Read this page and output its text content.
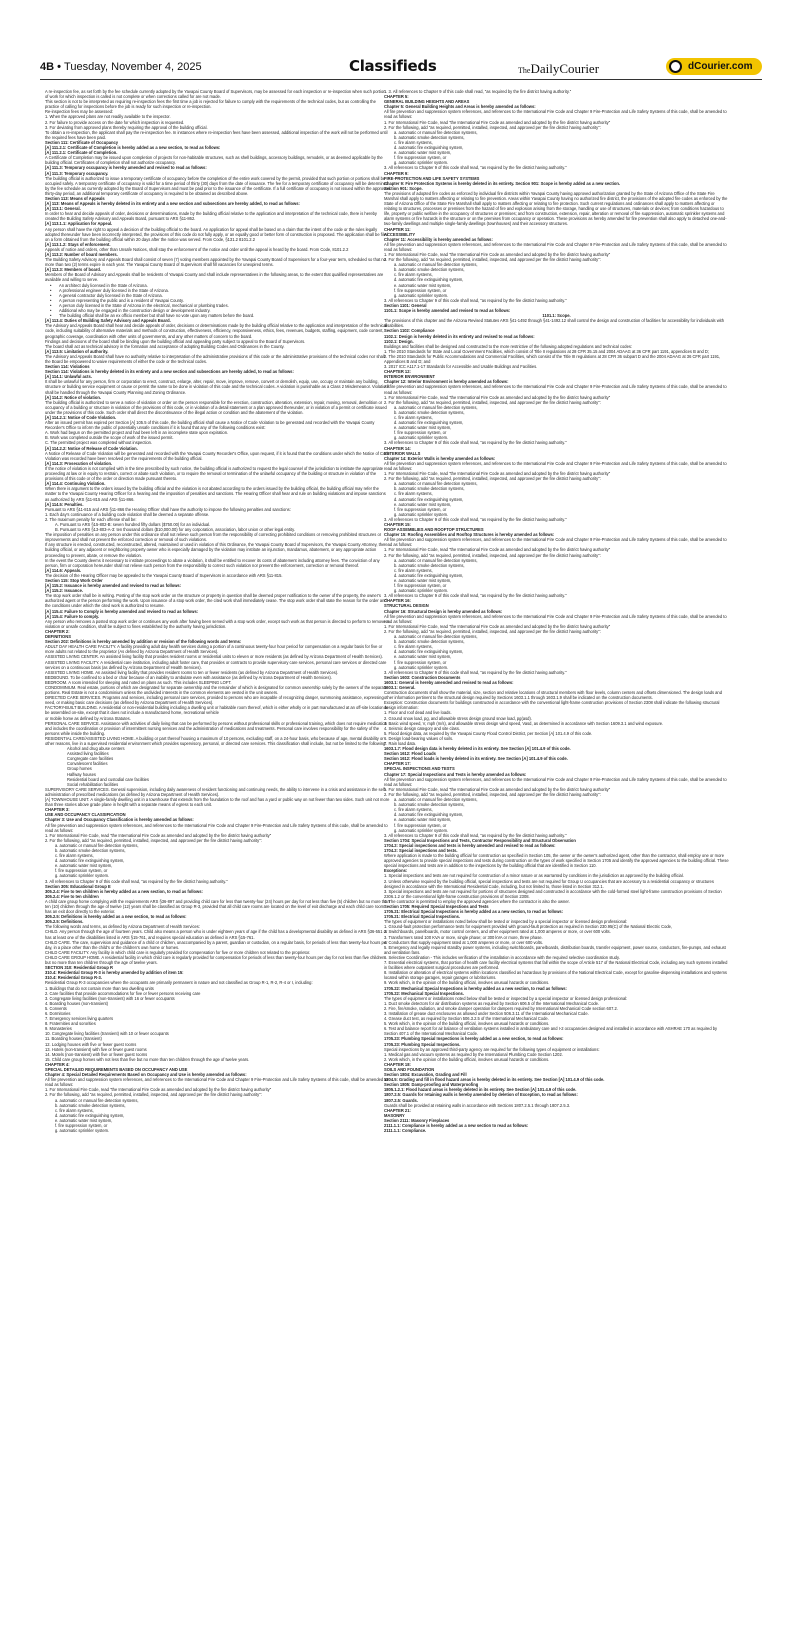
4B • Tuesday, November 4, 2025	Classifieds	TheDailyCourier	dCourier.com

A re-inspection fee, as set forth by the fee schedule currently adopted by the Yavapai County Board of Supervisors, may be assessed for each inspection or re-inspection when such portion of work for which inspection is called is not complete or when corrections called for are not made.

This section is not to be interpreted as requiring re-inspection fees the first time a job is rejected for failure to comply with the requirements of the technical codes, but as controlling the practice of calling for inspections before the job is ready for such inspection or re-inspection.

Re-inspection fees may be assessed:

1. When the approved plans are not readily available to the inspector.

2. For failure to provide access on the date for which inspection is requested.

3. For deviating from approved plans thereby requiring the approval of the building official.

To obtain a re-inspection, the applicant shall pay the re-inspection fee. In instances where re-inspection fees have been assessed, additional inspection of the work will not be performed until the required fees have been paid.

Section 111: Certificate of Occupancy

[A] 111.2.1: Certificate of Completion is hereby added as a new section, to read as follows:

[A] 111.2.1: Certificate of Completion.

A Certificate of Completion may be issued upon completion of projects for non-habitable structures, such as shell buildings, accessory buildings, remodels, or as deemed applicable by the building official. Certificates of completion shall not authorize occupancy.

[A] 111.3: Temporary occupancy is hereby amended and revised to read as follows:

[A] 111.3: Temporary occupancy.

The building official is authorized to issue a temporary certificate of occupancy before the completion of the entire work covered by the permit, provided that such portion or portions shall be occupied safely. A temporary certificate of occupancy is valid for a time period of thirty (30) days from the date of issuance. The fee for a temporary certificate of occupancy will be determined by the fee schedule as currently adopted by the Board of Supervisors and must be paid prior to the issuance of the certificate. If a full certificate of occupancy is not issued within the approved thirty-day period, an additional temporary certificate of occupancy is required to be obtained as described above.

Section 113: Means of Appeals

[A] 113: Means of Appeals is hereby deleted in its entirety and a new section and subsections are hereby added, to read as follows:

[A] 113.1: General.

In order to hear and decide appeals of order, decisions or determinations, made by the building official relative to the application and interpretation of the technical code, there is hereby created the Building Safety Advisory and Appeals Board, pursuant to ARS §11-862.

[A] 113.1.1: Application for Appeal.

Any person shall have the right to appeal a decision of the building official to the board. An application for appeal shall be based on a claim that the intent of the code or the rules legally adopted thereunder have been incorrectly interpreted, the provisions of this code do not fully apply, or an equally good or better form of construction is proposed. The application shall be filed on a form obtained from the building official within 20 days after the notice was served. From Code, §131.2 8101.2.2

[A] 113.1.2: Stays of enforcement.

Appeals of notice and orders, other than Unsafe Notices, shall stay the enforcement of the notice and order until the appeal is heard by the board. From Code, 8101.2.2

[A] 113.2: Number of board members.

The Building Safety Advisory and Appeals Board shall consist of seven (7) voting members appointed by the Yavapai County Board of Supervisors for a four-year term, scheduled so that no more than two (2) terms expire in each year. The Yavapai County Board of Supervisors shall fill vacancies for unexpired terms.

[A] 113.3: Members of board.

Members of the Board of Advisory and Appeals shall be residents of Yavapai County and shall include representatives in the following areas, to the extent that qualified representatives are available and willing to serve.

• An architect duly licensed in the State of Arizona.

• A professional engineer duly licensed in the State of Arizona.

• A general contractor duly licensed in the State of Arizona.

• A person representing the public and is a resident of Yavapai County.

• A person duly licensed in the State of Arizona in the electrical, mechanical or plumbing trades.

• Additional who may be engaged in the construction design or development industry.

• The building official shall be an ex officio member but shall have no vote upon any matters before the board.

[A] 113.4: Duties of Building Safety Advisory and Appeals Board.

The Advisory and Appeals Board shall hear and decide appeals of order, decisions or determinations made by the building official relative to the application and interpretation of the technical code, including suitability of alternative materials and methods of construction, effectiveness, efficiency, responsiveness, ethics, fees, revenues, budgets, staffing, equipment, code content, geographic coverage, coordination with other units of governments, and any other matters of concern to the board.

Findings and decisions of the board shall be binding upon the building official and appealing party subject to appeal to the Board of Supervisors.

The board shall act as technical advisory in the formation and acceptance of adopting Building Codes and Ordinances in the County.

[A] 113.5: Limitation of authority.

The Advisory and Appeals Board shall have no authority relative to interpretation of the administrative provisions of this code or the administrative provisions of the technical codes nor shall the Board be empowered to waive requirements of either the code or the technical codes.

Section 114: Violations

Section 114: Violations is hereby deleted in its entirety and a new section and subsections are hereby added, to read as follows:

[A] 114.1: Unlawful acts.

It shall be unlawful for any person, firm or corporation to erect, construct, enlarge, alter, repair, move, improve, remove, convert or demolish, equip, use, occupy or maintain any building, structure or building service equipment or cause or permit the same to be done in violation of this code and the technical codes. A violation is punishable as a Class 2 Misdemeanor. Violations shall be handled through the Yavapai County Planning and Zoning Ordinance.

[A] 114.2: Notice of violation.

The building official is authorized to serve a notice of violation or order on the person responsible for the erection, construction, alteration, extension, repair, moving, removal, demolition or occupancy of a building or structure in violation of the provisions of this code, or in violation of a detail statement or a plan approved thereunder, or in violation of a permit or certificate issued under the provisions of this code. Such order shall direct the discontinuance of the illegal action or condition and the abatement of the violation.

[A] 114.2.1: Notice of Code Violation.

After an issued permit has expired per Section [A] 105.5 of this code, the building official shall cause a Notice of Code Violation to be generated and recorded with the Yavapai County Recorder's Office to inform the public of potentially unsafe conditions if it is found that any of the following conditions exist:

A. Work had begun on the permitted project and had been left in an incomplete state upon expiration.

B. Work was completed outside the scope of work of the issued permit.

C. The permitted project was completed without inspection.

[A] 114.2.2: Notice of Release of Code Violation.

A Notice of Release of Code Violation will be generated and recorded with the Yavapai County Recorder's Office, upon request, if it is found that the conditions under which the Notice of Code Violation was recorded have been resolved per the requirements of the building official.

[A] 114.3: Prosecution of violation.

If the notice of violation is not complied with in the time prescribed by such notice, the building official is authorized to request the legal counsel of the jurisdiction to institute the appropriate proceeding at law or in equity to restrain, correct or abate such violation, or to require the removal or termination of the unlawful occupancy of the building or structure in violation of the provisions of this code or of the order or direction made pursuant thereto.

[A] 114.4: Continuing Violation.

When there is argument to the orders issued by the building official and the violation is not abated according to the orders issued by the building official, the building official may refer the matter to the Yavapai County Hearing Officer for a hearing and the imposition of penalties and sanctions. The Hearing Officer shall hear and rule on building violations and impose sanctions as authorized by ARS §11-815 and ARS §11-866.

[A] 114.5: Penalties.

Pursuant to ARS §11-815 and ARS §11-866 the Hearing Officer shall have the authority to impose the following penalties and sanctions:

1. Each day's continuance of a building code violation shall be deemed a separate offense.

2. The maximum penalty for each offense shall be:

A. Pursuant to ARS §15-802-B: seven hundred fifty dollars ($750.00) for an individual.

B. Pursuant to ARS §13-803-A-3: ten thousand dollars ($10,000.00) for any corporation, association, labor union or other legal entity.

The imposition of penalties on any person under this ordinance shall not relieve such person from the responsibility of correcting prohibited conditions or removing prohibited structures or improvements and shall not prevent the enforced correction or removal of such violations.

If any structure is erected, constructed, reconstructed, altered, maintained or used in violation of this Ordinance, the Yavapai County Board of Supervisors, the Yavapai County Attorney, the building official, or any adjacent or neighboring property owner who is especially damaged by the violation may institute an injunction, mandamus, abatement, or any appropriate action proceeding to prevent, abate, or remove the violation.

In the event the County deems it necessary to institute proceedings to abate a violation, it shall be entitled to recover its costs of abatement including attorney fees. The conviction of any person, firm or corporation hereunder shall not relieve such person from the responsibility to correct such violation nor prevent the enforcement, correction or removal thereof.

[A] 114.6: Appeals.

The decision of the Hearing Officer may be appealed to the Yavapai County Board of Supervisors in accordance with ARS §11-815.

Section 115: Stop Work Order

[A] 115.2: Issuance is hereby amended and revised to read as follows:

[A] 115.2: Issuance.

The stop work order shall be in writing. Posting of the stop work order on the structure or property in question shall be deemed proper notification to the owner of the property, the owner's authorized agent or the person performing the work. Upon issuance of a stop work order, the cited work shall immediately cease. The stop work order shall state the reason for the order and the conditions under which the cited work is authorized to resume.

[A] 115.4: Failure to Comply is hereby amended and revised to read as follows:

[A] 115.4: Failure to comply.

Any person who removes a posted stop work order or continues any work after having been served with a stop work order, except such work as that person is directed to perform to remove a violation or unsafe condition, shall be subject to fines established by the authority having jurisdiction.

CHAPTER 2:

DEFINITIONS

Section 202: Definitions is hereby amended by addition or revision of the following words and terms:

ADULT DAY HEALTH CARE FACILITY. A facility providing adult day health services during a portion of a continuous twenty-four hour period for compensation on a regular basis for five or more adults not related to the proprietor (As defined by Arizona Department of Health Services).

ASSISTED LIVING CENTER. An assisted living facility that provides resident rooms or residential units to eleven or more residents (as defined by Arizona Department of Health Services).

ASSISTED LIVING FACILITY. A residential care institution, including adult foster care, that provides or contracts to provide supervisory care services, personal care services or directed care services on a continuous basis (as defined by Arizona Department of Health Services).

ASSISTED LIVING HOME. An assisted living facility that provides resident rooms to ten or fewer residents (as defined by Arizona Department of Health Services).

BEDBOUND. To be confined to a bed or chair because of an inability to ambulate even with assistance (as defined by Arizona Department of Health Services).

BEDROOM. A room intended for sleeping and noted on plans as such. This includes SLEEPING LOFT.

CONDOMINIUM. Real estate, portions of which are designated for separate ownership and the remainder of which is designated for common ownership solely by the owners of the separate portions. Real Estate is not a condominium unless the undivided interests in the common elements are vested in the unit owners.

DIRECTED CARE SERVICES. Programs and services, including personal care services, provided to persons who are incapable of recognizing danger, summoning assistance, expressing need, or making basic care decisions (as defined by Arizona Department of Health Services).

FACTORY-BUILT BUILDING. A residential or non-residential building including a dwelling unit or habitable room thereof, which is either wholly or in part manufactured at an off-site location to be assembled on-site, except that it does not include a manufactured home, recreational vehicle

or mobile home as defined by Arizona Statutes.

PERSONAL CARE SERVICE. Assistance with activities of daily living that can be performed by persons without professional skills or professional training, which does not require medication and includes the coordination or provision of intermittent nursing services and the administration of medications and treatments. Personal care involves responsibility for the safety of the persons while inside the building.

RESIDENTIAL CARE/ASSISTED LIVING HOME. A building or part thereof housing a maximum of 10 persons, excluding staff, on a 24-hour basis, who because of age, mental disability or other reasons, live in a supervised residential environment which provides supervisory, personal, or directed care services. This classification shall include, but not be limited to the following:

Alcohol and drug abuse centers

Assisted living facilities

Congregate care facilities

Convalescent facilities

Group homes

Halfway houses

Residential board and custodial care facilities

Social rehabilitation facilities

SUPERVISORY CARE SERVICES. General supervision, including daily awareness of resident functioning and continuing needs, the ability to intervene in a crisis and assistance in the self-administration of prescribed medications (as defined by Arizona Department of Health Services).

[A] TOWNHOUSE UNIT. A single-family dwelling unit in a townhouse that extends from the foundation to the roof and has a yard or public way on not fewer than two sides. Such unit not more than three stories above grade plane in height with a separate means of egress to each unit.

CHAPTER 3:

USE AND OCCUPANCY CLASSIFICATION

Chapter 3: Use and Occupancy Classification is hereby amended as follows:

All fire prevention and suppression system references, and references to the International Fire Code and Chapter 9 Fire-Protection and Life Safety Systems of this code, shall be amended to read as follows:

1. For International Fire Code, read "the International Fire Code as amended and adopted by the fire district having authority"

2. For the following, add "as required, permitted, installed, inspected, and approved per the fire district having authority":

a. automatic or manual fire detection systems,

b. automatic smoke detection systems,

c. fire alarm systems,

d. automatic fire extinguishing system,

e. automatic water mist system,

f. fire suppression system, or

g. automatic sprinkler system.

3. All references to Chapter 9 of this code shall read, "as required by the fire district having authority."

Section 305: Educational Group E

305.2.4: Five to ten children is hereby added as a new section, to read as follows:

305.2.4: Five to ten children

A child care group home complying with the requirements ARS §36-897 and providing child care for less than twenty-four (24) hours per day for not less than five (5) children but no more than ten (10) children through the age of twelve (12) years shall be classified as Group R-3, provided that all child care rooms are located on the level of exit discharge and each child care room has an exit door directly to the exterior.

305.2.5: Definitions is hereby added as a new section, to read as follows:

305.2.5: Definitions.

The following words and terms, as defined by Arizona Department of Health Services:

CHILD. Any person through the age of fourteen years. Child also means a person who is under eighteen years of age if the child has a developmental disability as defined in ARS §36-551 or has at least one of the disabilities listed in ARS §15-761, and requires special education as defined in ARS §15-761.

CHILD CARE. The care, supervision and guidance of a child or children, unaccompanied by a parent, guardian or custodian, on a regular basis, for periods of less than twenty-four hours per day, in a place other than the child's or the children's own home or homes.

CHILD CARE FACILITY. Any facility in which child care is regularly provided for compensation for five or more children not related to the proprietor.

CHILD CARE GROUP HOME. A residential facility in which child care is regularly provided for compensation for periods of less than twenty-four hours per day for not less than five children but no more than ten children through the age of twelve years.

SECTION 310: Residential Group R

310.4: Residential Group R-3 is hereby amended by addition of item 15:

310.4: Residential Group R-3.

Residential Group R-3 occupancies where the occupants are primarily permanent in nature and not classified as Group R-1, R-2, R-4 or I, including:

1. Buildings that do not contain more than two dwelling units

2. Care facilities that provide accommodations for five or fewer persons receiving care

3. Congregate living facilities (non-transient) with 16 or fewer occupants

4. Boarding houses (non-transient)

5. Convents

6. Dormitories

7. Emergency services living quarters

8. Fraternities and sororities

9. Monasteries

10. Congregate living facilities (transient) with 10 or fewer occupants

11. Boarding houses (transient)

12. Lodging houses with five or fewer guest rooms

13. Hotels (non-transient) with five or fewer guest rooms

14. Motels (non-transient) with five or fewer guest rooms

15. Child care group homes with not less than five but no more than ten children through the age of twelve years.

CHAPTER 4:

SPECIAL DETAILED REQUIREMENTS BASED ON OCCUPANCY AND USE

Chapter 4: Special Detailed Requirements Based on Occupancy and Use is hereby amended as follows:

All fire prevention and suppression system references, and references to the International Fire Code and Chapter 9 Fire-Protection and Life Safety Systems of this code, shall be amended to read as follows:

1. For International Fire Code, read "the International Fire Code as amended and adopted by the fire district having authority"

2. For the following, add "as required, permitted, installed, inspected, and approved per the fire district having authority":

a. automatic or manual fire detection systems,

b. automatic smoke detection systems,

c. fire alarm systems,

d. automatic fire extinguishing system,

e. automatic water mist system,

f. fire suppression system, or

g. automatic sprinkler system.

1. 3. All references to Chapter 9 of this code shall read, "as required by the fire district having authority."

CHAPTER 5:

GENERAL BUILDING HEIGHTS AND AREAS

Chapter 5: General Building Heights and Areas is hereby amended as follows:

All fire prevention and suppression system references, and references to the International Fire Code and Chapter 9 Fire-Protection and Life Safety Systems of this code, shall be amended to read as follows:

1. For International Fire Code, read "the International Fire Code as amended and adopted by the fire district having authority"

2. For the following, add "as required, permitted, installed, inspected, and approved per the fire district having authority":

a. automatic or manual fire detection systems,

b. automatic smoke detection systems,

c. fire alarm systems,

d. automatic fire extinguishing system,

e. automatic water mist system,

f. fire suppression system, or

g. automatic sprinkler system.

3. All references to Chapter 9 of this code shall read, "as required by the fire district having authority."

CHAPTER 9:

FIRE-PROTECTION AND LIFE SAFETY SYSTEMS

Chapter 9: Fire Protection Systems is hereby deleted in its entirety. Section 901: Scope is hereby added as a new section.

Section 901: Scope.

The provisions of adopted fire codes as enforced by individual fire districts within Yavapai County having approved authorization granted by the State of Arizona Office of the State Fire Marshal shall apply to matters affecting or relating to fire prevention. Areas within Yavapai County having no authorized fire district, the provisions of the adopted fire codes as enforced by the State of Arizona Office of the State Fire Marshall shall apply to matters affecting or relating to fire protection. Such current regulations and ordinances shall apply to matters affecting or relating to structures, processes or premises from the hazard of fire and explosion arising from the storage, handling or use of structures, materials or devices; from conditions hazardous to life, property or public welfare in the occupancy of structures or premises; and from construction, extension, repair, alteration or removal of fire suppression, automatic sprinkler systems and alarm systems or fire hazards in the structure or on the premises from occupancy or operation. These provisions as hereby amended for fire prevention shall also apply to detached one-and-two-family dwellings and multiple single-family dwellings (townhouses) and their accessory structures.

CHAPTER 11:

ACCESSIBILITY

Chapter 11: Accessibility is hereby amended as follows:

All fire prevention and suppression system references, and references to the International Fire Code and Chapter 9 Fire-Protection and Life Safety Systems of this code, shall be amended to read as follows:

1. For International Fire Code, read "the International Fire Code as amended and adopted by the fire district having authority"

2. For the following, add "as required, permitted, installed, inspected, and approved per the fire district having authority":

a. automatic or manual fire detection systems,

b. automatic smoke detection systems,

c. fire alarm systems,

d. automatic fire extinguishing system,

e. automatic water mist system,

f. fire suppression system, or

g. automatic sprinkler system.

3. All references to Chapter 9 of this code shall read, "as required by the fire district having authority."

Section 1101: General

1101.1: Scope is hereby amended and revised to read as follows:

1101.1: Scope.

The provisions of this chapter and the Arizona Revised Statutes ARS §41-1492 through §41-1492.12 shall control the design and construction of facilities for accessibility for individuals with disabilities.

Section 1102: Compliance

1102.1: Design is hereby deleted in its entirety and revised to read as follows:

1102.1: Design.

Buildings and facilities shall be designed and constructed to the more restrictive of the following adopted regulations and technical codes:

1. The 2010 Standards for State and Local Government Facilities, which consist of Title II regulations at 28 CFR 35.15 and 2004 ADAAG at 36 CFR part 1191, appendices B and D;

2. The 2010 Standards for Public Accommodations and Commercial Facilities, which consist of the Title III regulations at 28 CFR 36 subpart D and the 2004 ADAAG at 36 CFR part 1191, Appendices B and D; and

3. 2017 ICC A117.1-17 Standards for Accessible and Usable Buildings and Facilities.

CHAPTER 12:

INTERIOR ENVIRONMENT

Chapter 12: Interior Environment is hereby amended as follows:

All fire prevention and suppression system references, and references to the International Fire Code and Chapter 9 Fire-Protection and Life Safety Systems of this code, shall be amended to read as follows:

1. For International Fire Code, read "the International Fire Code as amended and adopted by the fire district having authority"

2. For the following, add "as required, permitted, installed, inspected, and approved per the fire district having authority":

a. automatic or manual fire detection systems,

b. automatic smoke detection systems,

c. fire alarm systems,

d. automatic fire extinguishing system,

e. automatic water mist system,

f. fire suppression system, or

g. automatic sprinkler system.

3. All references to Chapter 9 of this code shall read, "as required by the fire district having authority."

CHAPTER 14:

EXTERIOR WALLS

Chapter 14: Exterior Walls is hereby amended as follows:

All fire prevention and suppression system references, and references to the International Fire Code and Chapter 9 Fire-Protection and Life Safety Systems of this code, shall be amended to read as follows:

1. For International Fire Code, read "the International Fire Code as amended and adopted by the fire district having authority"

2. For the following, add "as required, permitted, installed, inspected, and approved per the fire district having authority":

a. automatic or manual fire detection systems,

b. automatic smoke detection systems,

c. fire alarm systems,

d. automatic fire extinguishing system,

e. automatic water mist system,

f. fire suppression system, or

g. automatic sprinkler system.

3. All references to Chapter 9 of this code shall read, "as required by the fire district having authority."

CHAPTER 15:

ROOF ASSEMBLIES AND ROOFTOP STRUCTURES

Chapter 15: Roofing Assemblies and Rooftop Structures is hereby amended as follows:

All fire prevention and suppression system references, and references to the International Fire Code and Chapter 9 Fire-Protection and Life Safety Systems of this code, shall be amended to read as follows:

1. For International Fire Code, read "the International Fire Code as amended and adopted by the fire district having authority"

2. For the following, add "as required, permitted, installed, inspected, and approved per the fire district having authority":

a. automatic or manual fire detection systems,

b. automatic smoke detection systems,

c. fire alarm systems,

d. automatic fire extinguishing system,

e. automatic water mist system,

f. fire suppression system, or

g. automatic sprinkler system.

3. All references to Chapter 9 of this code shall read, "as required by the fire district having authority."

CHAPTER 16:

STRUCTURAL DESIGN

Chapter 16: Structural Design is hereby amended as follows:

All fire prevention and suppression system references, and references to the International Fire Code and Chapter 9 Fire-Protection and Life Safety Systems of this code, shall be amended to read as follows:

1. For International Fire Code, read "the International Fire Code as amended and adopted by the fire district having authority"

2. For the following, add "as required, permitted, installed, inspected, and approved per the fire district having authority":

a. automatic or manual fire detection systems,

b. automatic smoke detection systems,

c. fire alarm systems,

d. automatic fire extinguishing system,

e. automatic water mist system,

f. fire suppression system, or

g. automatic sprinkler system.

3. All references to Chapter 9 of this code shall read, "as required by the fire district having authority."

Section 1603: Construction Documents

1603.1: General is hereby amended and revised to read as follows:

1603.1: General.

Construction documents shall show the material, size, section and relative locations of structural members with floor levels, column centers and offsets dimensioned. The design loads and other information pertinent to the structural design required by Sections 1603.1.1 through 1603.1.9 shall be indicated on the construction documents.

Exception: Construction documents for buildings constructed in accordance with the conventional light-frame construction provisions of Section 2308 shall indicate the following structural design information:

1. Floor and roof dead and live loads.

2. Ground snow load, pg, and allowable stress design ground snow load, pg(asd).

3. Basic wind speed, V, mph (m/s), and allowable stress design wind speed, Vasd, as determined in accordance with Section 1609.3.1 and wind exposure.

4. Seismic design category and site class.

5. Flood design data, as required by the Yavapai County Flood Control District, per Section [A] 101.4.9 of this code.

6. Design load-bearing values of soils.

7. Rain load data.

1603.1.7: Flood design data is hereby deleted in its entirety. See Section [A] 101.4.9 of this code.

Section 1612: Flood Loads

Section 1612: Flood loads is hereby deleted in its entirety. See Section [A] 101.4.9 of this code.

CHAPTER 17:

SPECIAL INSPECTIONS AND TESTS

Chapter 17: Special Inspections and Tests is hereby amended as follows:

All fire prevention and suppression system references, and references to the International Fire Code and Chapter 9 Fire-Protection and Life Safety Systems of this code, shall be amended to read as follows:

1. For International Fire Code, read "the International Fire Code as amended and adopted by the fire district having authority"

2. For the following, add "as required, permitted, installed, inspected, and approved per the fire district having authority":

a. automatic or manual fire detection systems,

b. automatic smoke detection systems,

c. fire alarm systems,

d. automatic fire extinguishing system,

e. automatic water mist system,

f. fire suppression system, or

g. automatic sprinkler system.

3. All references to Chapter 9 of this code shall read, "as required by the fire district having authority."

Section 1704: Special Inspections and Tests, Contractor Responsibility and Structural Observation

1704.2: Special inspections and tests is hereby amended and revised to read as follows:

1704.2: Special inspections and tests.

Where application is made to the building official for construction as specified in Section 105, the owner or the owner's authorized agent, other than the contractor, shall employ one or more approved agencies to provide special inspections and tests during construction on the types of work specified in Section 1705 and identify the approved agencies to the building official. These special inspections and tests are in addition to the inspections by the building official that are identified in Section 110.

Exceptions:

1. Special inspections and tests are not required for construction of a minor nature or as warranted by conditions in the jurisdiction as approved by the building official.

2. Unless otherwise required by the building official, special inspections and tests are not required for Group U occupancies that are accessory to a residential occupancy or structures designed in accordance with the International Residential Code, including, but not limited to, those listed in Section 312.1.

3. Special inspections and tests are not required for portions of structures designed and constructed in accordance with the cold-formed steel light-frame construction provisions of Section 2306.1.2 or the conventional light-frame construction provisions of Section 2308.

4. The contractor is permitted to employ the approved agencies where the contractor is also the owner.

Section 1705: Required Special Inspections and Tests

1705.21: Electrical Special Inspections is hereby added as a new section, to read as follows:

1705.21: Electrical Special Inspections.

The types of equipment or installations noted below shall be tested or inspected by a special inspector or licensed design professional:

1. Ground-fault protection performance tests for equipment provided with ground-fault protection as required in Section 230.95(C) of the National Electric Code,

2. Switchboards, panelboards, motor control centers, and other equipment rated at 1,000 amperes or more, or over 600 volts.

3. Transformers rated 100 KVA or more, single phase; or 300 kVA or more, three phase.

4. Conductors that supply equipment rated at 1,000 amperes or more, or over 600 volts.

5. Emergency and legally required standby power systems, including switchboards, panelboards, distribution boards, transfer equipment, power source, conductors, fire-pumps, and exhaust and ventilation fans.

6. Selective Coordination - This includes verification of the installation in accordance with the required selective coordination study.

7. Essential electrical systems, that portion of health care facility electrical systems that fall within the scope of Article 517 of the National Electrical Code, including any such systems installed in facilities where outpatient surgical procedures are performed.

8. Installation or alteration of electrical systems within locations classified as hazardous by provisions of the National Electrical Code, except for gasoline-dispensing installations and systems located within storage garages, repair garages or lubritoriums.

9. Work which, in the opinion of the building official, involves unusual hazards or conditions.

1705.22: Mechanical Special Inspections is hereby added as a new section, to read as follows:

1705.22: Mechanical Special Inspections.

The types of equipment or installations noted below shall be tested or inspected by a special inspector or licensed design professional:

1. Duct smoke detectors for air distribution systems as required by Section 606.5 of the International Mechanical Code.

2. Fire, fire/smoke, radiation, and smoke damper operation for dampers required by International Mechanical Code section 607.2.

3. Installation of grease duct enclosures as allowed under Section 506.3.11 of the International Mechanical Code.

4. Grease duct test, as required by Section 506.3.2.5 of the International Mechanical Code.

5. Work which, in the opinion of the building official, involves unusual hazards or conditions.

6. Test and balance report for air balance of ventilation systems installed in ambulatory care and I-2 occupancies designed and installed in accordance with ASHRAE 170 as required by Section 407.1 of the International Mechanical Code.

1705.23: Plumbing Special Inspections is hereby added as a new section, to read as follows:

1705.23: Plumbing Special Inspections.

Special inspections by an approved third-party agency are required for the following types of equipment or installations:

1. Medical gas and vacuum systems as required by the International Plumbing Code Section 1202.

2. Work which, in the opinion of the building official, involves unusual hazards or conditions.

CHAPTER 18:

SOILS AND FOUNDATION

Section 1804: Excavation, Grading and Fill

1804.5: Grading and fill in flood hazard areas is hereby deleted in its entirety. See Section [A] 101.4.9 of this code.

Section 1805: Damp-proofing and Waterproofing

1805.1.2.1: Flood hazard areas is hereby deleted in its entirety. See Section [A] 101.4.9 of this code.

1807.2.5: Guards for retaining walls is hereby amended by deletion of Exception, to read as follows:

1807.2.5: Guards.

Guards shall be provided at retaining walls in accordance with Sections 1807.2.5.1 through 1807.2.5.3.

CHAPTER 21:

MASONRY

Section 2111: Masonry Fireplaces

2111.1.1: Compliance is hereby added as a new section to read as follows:

2111.1.1: Compliance.
